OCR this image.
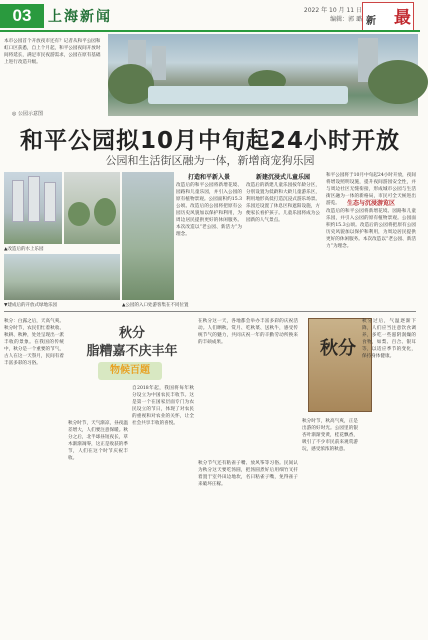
03	上海新闻	2022 年 10 月 11 日
编辑：郭 璐 新 最
本市公园首个开放夜市还有？记者从和平公园和虹口区获悉，自上个月起，和平公园夜间开放时间将延长，满足市民夜游需求，公园在原有基础上进行改造升级。
◎ 公园示意图
和平公园拟10月中旬起24小时开放
公园和生活街区融为一体，新增商宠狗乐园
▲改造后的水上乐园
▼建成后的开放式绿地乐园	▲公园的入口处游客集在不同位置
打造和平新入景
改造后的和平公园将新增花境、园路和儿童乐园，并引入公园的原有植物景观。公园面积约15.3公顷。改造后的公园将把原有公园历史风貌加以保护和利用，为周边居民提供更好的休闲服务。本次改造以“老公园、新活力”为理念。
新建沉浸式儿童乐园
改造后的新建儿童乐园按年龄分区，分别设置为低龄和大龄儿童游乐区，利用地形高低打造沉浸式游乐场景。乐园还设置了休息区和遮阳设施，方便家长看护孩子。儿童乐园将成为公园新的人气景点。
和平公园将于10月中旬起24小时开放，夜间将增设照明设施，提升夜间游园安全性，并与周边社区无缝衔接，形成城市公园与生活街区融为一体的新格局，市民可全天候进出游览。	生态与沉浸游览区
改造后的和平公园将新增花境、园路和儿童乐园，并引入公园的原有植物景观。公园面积约15.3公顷。改造后的公园将把原有公园历史风貌加以保护和利用，为周边居民提供更好的休闲服务。本次改造以“老公园、新活力”为理念。
秋分：白露之后，天高气爽。秋分时节，农民们忙着秋收、秋耕、秋种，处处呈现出一派丰收的景象。在我国的传统中，秋分是一个重要的节气，古人在这一天祭月，民间有着丰富多彩的习俗。
秋分
脂糟嘉不庆丰年
物候百题
秋分时节，天气渐凉，昼夜温差增大，人们要注意保暖。秋分之后，北半球昼短夜长，草木渐渐凋零，这正是收获的季节，人们在这个时节庆祝丰收。
自2018年起，我国将每年秋分设立为中国农民丰收节。这是第一个在国家层面专门为农民设立的节日，体现了对农民的重视和对农业的关怀，让全社会共享丰收的喜悦。
在秋分这一天，各地都会举办丰富多彩的庆祝活动。人们晒秋、赏月、吃秋菜、送秋牛，感受传统节气的魅力，共同庆祝一年的辛勤劳动所换来的丰硕成果。	秋分
秋分节气还有粘雀子嘴、放风筝等习俗。民间认为秋分这天要吃汤圆，把汤圆煮好后用细竹叉扦着置于室外田边地坎，名曰粘雀子嘴，免得雀子来破坏庄稼。
秋分时节，秋高气爽，正是出游的好时光。公园里的银杏叶渐渐变黄，桂花飘香，吸引了不少市民前来观赏游玩，感受浓浓的秋意。
秋分过后，气温逐渐下降，人们应当注意饮食调养，多吃一些滋阴润燥的食物，如梨、百合、银耳等，以适应季节的变化，保持身体健康。
